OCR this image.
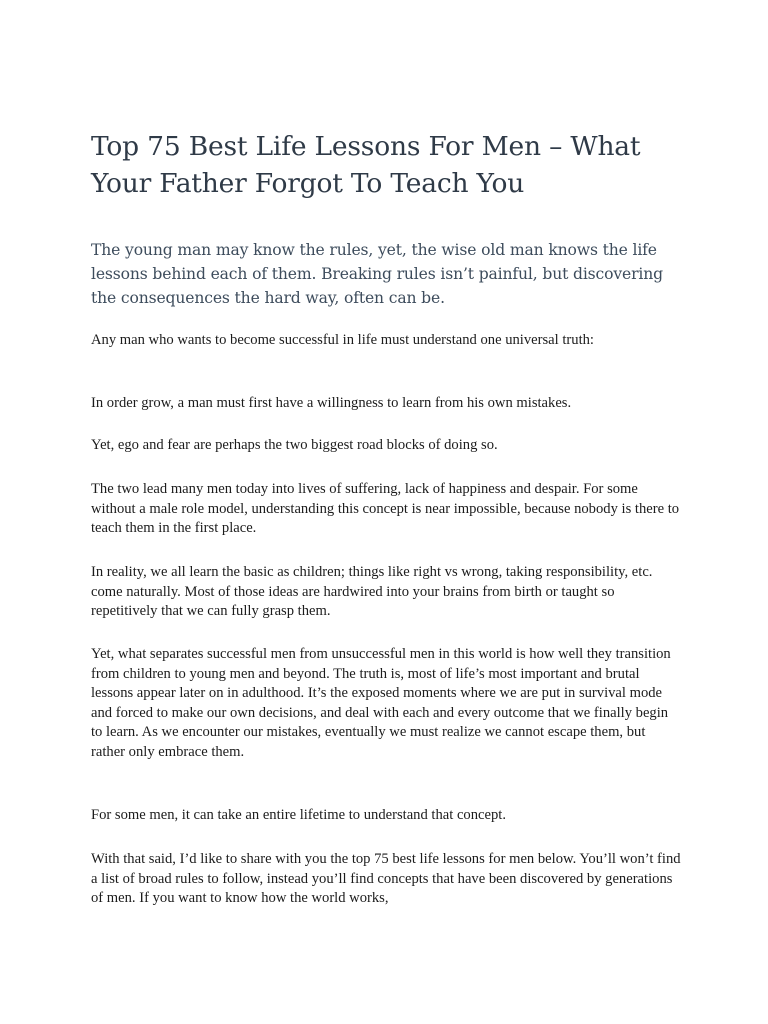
Top 75 Best Life Lessons For Men – What Your Father Forgot To Teach You

The young man may know the rules, yet, the wise old man knows the life lessons behind each of them. Breaking rules isn’t painful, but discovering the consequences the hard way, often can be.

Any man who wants to become successful in life must understand one universal truth:

In order grow, a man must first have a willingness to learn from his own mistakes.

Yet, ego and fear are perhaps the two biggest road blocks of doing so.

The two lead many men today into lives of suffering, lack of happiness and despair. For some without a male role model, understanding this concept is near impossible, because nobody is there to teach them in the first place.

In reality, we all learn the basic as children; things like right vs wrong, taking responsibility, etc. come naturally. Most of those ideas are hardwired into your brains from birth or taught so repetitively that we can fully grasp them.

Yet, what separates successful men from unsuccessful men in this world is how well they transition from children to young men and beyond. The truth is, most of life’s most important and brutal lessons appear later on in adulthood. It’s the exposed moments where we are put in survival mode and forced to make our own decisions, and deal with each and every outcome that we finally begin to learn. As we encounter our mistakes, eventually we must realize we cannot escape them, but rather only embrace them.

For some men, it can take an entire lifetime to understand that concept.

With that said, I’d like to share with you the top 75 best life lessons for men below. You’ll won’t find a list of broad rules to follow, instead you’ll find concepts that have been discovered by generations of men. If you want to know how the world works,
